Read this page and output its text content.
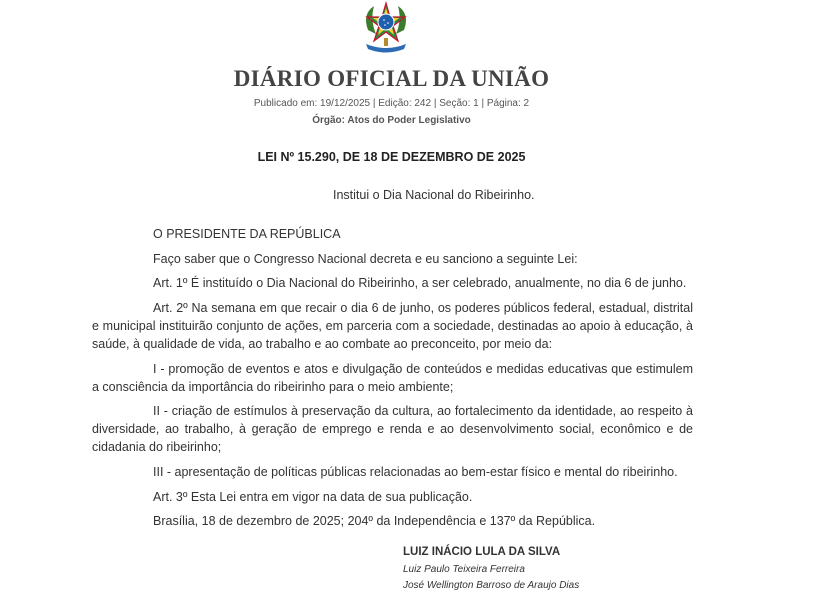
DIÁRIO OFICIAL DA UNIÃO
Publicado em: 19/12/2025 | Edição: 242 | Seção: 1 | Página: 2
Órgão: Atos do Poder Legislativo
LEI Nº 15.290, DE 18 DE DEZEMBRO DE 2025
Institui o Dia Nacional do Ribeirinho.
O PRESIDENTE DA REPÚBLICA
Faço saber que o Congresso Nacional decreta e eu sanciono a seguinte Lei:
Art. 1º É instituído o Dia Nacional do Ribeirinho, a ser celebrado, anualmente, no dia 6 de junho.
Art. 2º Na semana em que recair o dia 6 de junho, os poderes públicos federal, estadual, distrital e municipal instituirão conjunto de ações, em parceria com a sociedade, destinadas ao apoio à educação, à saúde, à qualidade de vida, ao trabalho e ao combate ao preconceito, por meio da:
I - promoção de eventos e atos e divulgação de conteúdos e medidas educativas que estimulem a consciência da importância do ribeirinho para o meio ambiente;
II - criação de estímulos à preservação da cultura, ao fortalecimento da identidade, ao respeito à diversidade, ao trabalho, à geração de emprego e renda e ao desenvolvimento social, econômico e de cidadania do ribeirinho;
III - apresentação de políticas públicas relacionadas ao bem-estar físico e mental do ribeirinho.
Art. 3º Esta Lei entra em vigor na data de sua publicação.
Brasília, 18 de dezembro de 2025; 204º da Independência e 137º da República.
LUIZ INÁCIO LULA DA SILVA
Luiz Paulo Teixeira Ferreira
José Wellington Barroso de Araujo Dias
